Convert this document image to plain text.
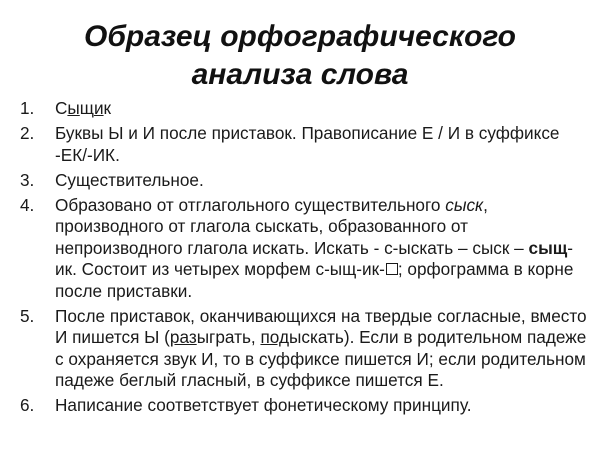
Образец орфографического
анализа слова
1. Сыщик
2. Буквы Ы и И после приставок. Правописание Е / И в суффиксе -ЕК/-ИК.
3. Существительное.
4. Образовано от отглагольного существительного сыск, производного от глагола сыскать, образованного от непроизводного глагола искать. Искать - с-ыскать – сыск – сыщ-ик. Состоит из четырех морфем с-ыщ-ик- ; орфограмма в корне после приставки.
5. После приставок, оканчивающихся на твердые согласные, вместо И пишется Ы (разыграть, подыскать). Если в родительном падеже с охраняется звук И, то в суффиксе пишется И; если родительном падеже беглый гласный, в суффиксе пишется Е.
6. Написание соответствует фонетическому принципу.
